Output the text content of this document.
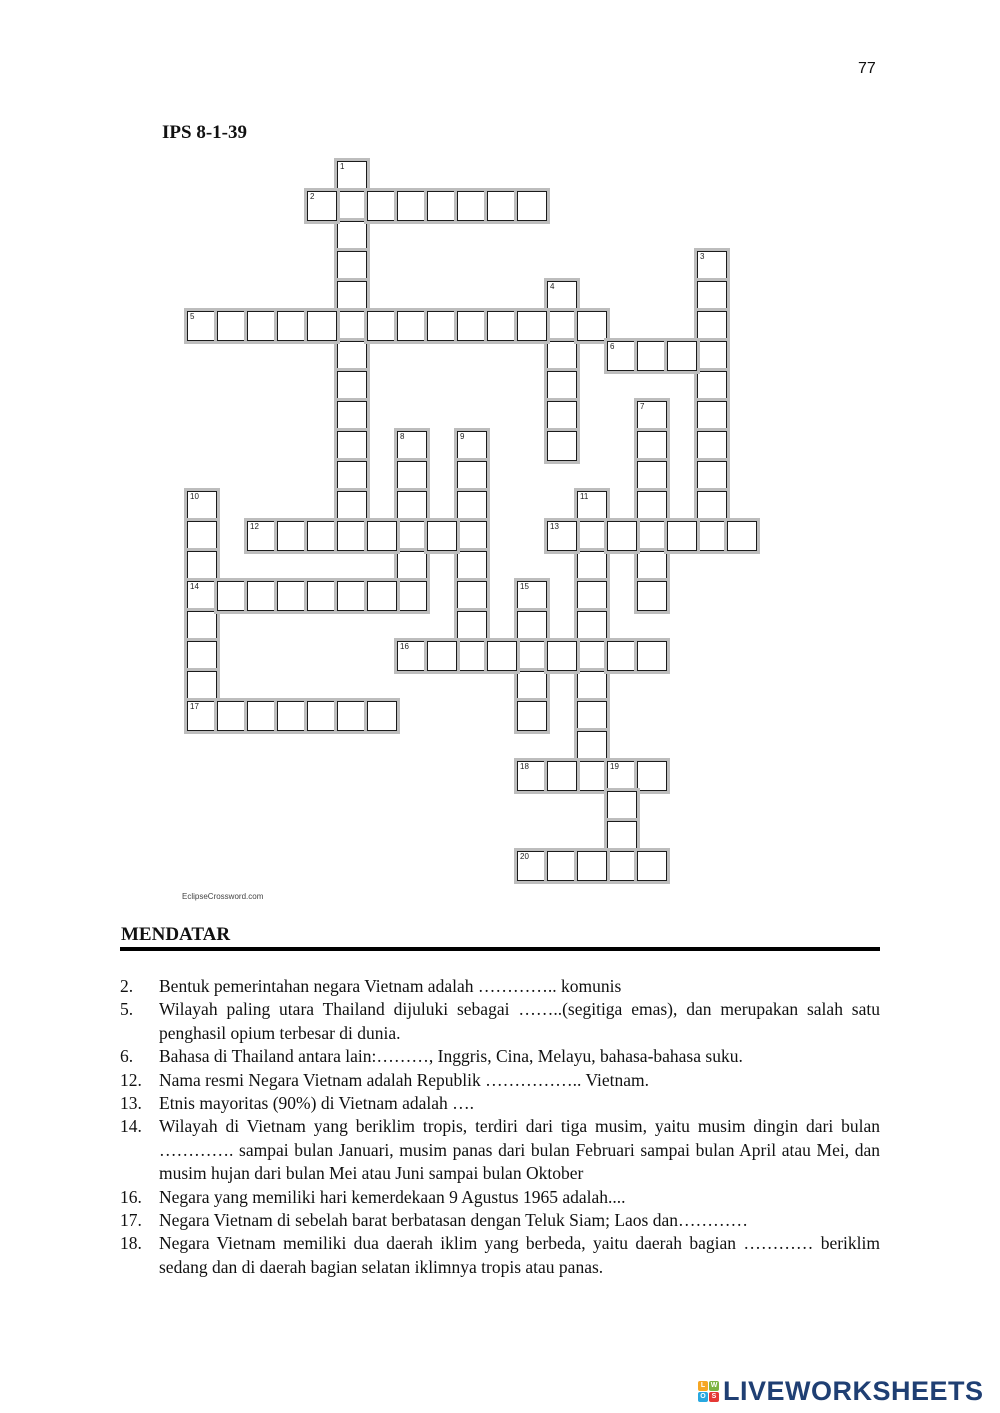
77
IPS 8-1-39
1
2
3
4
5
6
7
8	9
10
14
17
11
12	13
15
16
18	19
20
EclipseCrossword.com
MENDATAR
2.	Bentuk pemerintahan negara Vietnam adalah ………….. komunis
5.	Wilayah paling utara Thailand dijuluki sebagai ……..(segitiga emas), dan merupakan salah satu penghasil opium terbesar di dunia.
6.	Bahasa di Thailand antara lain:………, Inggris, Cina, Melayu, bahasa-bahasa suku.
12. Nama resmi Negara Vietnam adalah Republik …………….. Vietnam.
13. Etnis mayoritas (90%) di Vietnam adalah ….
14. Wilayah di Vietnam yang beriklim tropis, terdiri dari tiga musim, yaitu musim dingin dari bulan …………. sampai bulan Januari, musim panas dari bulan Februari sampai bulan April atau Mei, dan musim hujan dari bulan Mei atau Juni sampai bulan Oktober
16. Negara yang memiliki hari kemerdekaan 9 Agustus 1965 adalah....
17. Negara Vietnam di sebelah barat berbatasan dengan Teluk Siam; Laos dan…………
18. Negara Vietnam memiliki dua daerah iklim yang berbeda, yaitu daerah bagian ………… beriklim sedang dan di daerah bagian selatan iklimnya tropis atau panas.
L W
O S LIVEWORKSHEETS
